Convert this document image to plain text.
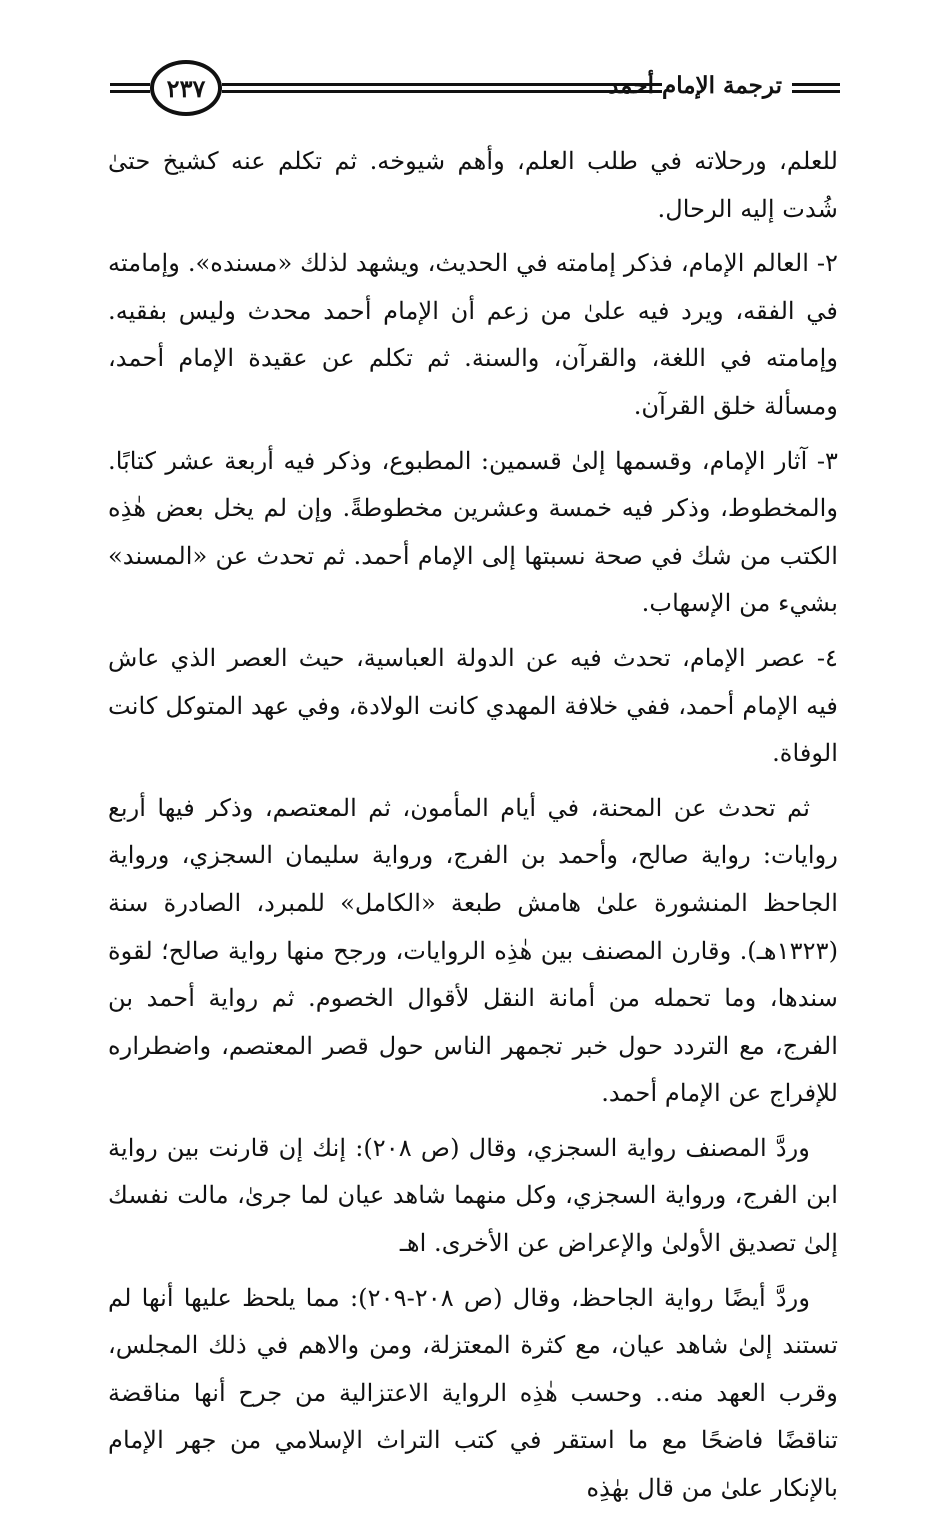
ترجمة الإمام أحمد
٢٣٧

للعلم، ورحلاته في طلب العلم، وأهم شيوخه. ثم تكلم عنه كشيخ حتىٰ شُدت إليه الرحال.

٢- العالم الإمام، فذكر إمامته في الحديث، ويشهد لذلك «مسنده». وإمامته في الفقه، ويرد فيه علىٰ من زعم أن الإمام أحمد محدث وليس بفقيه. وإمامته في اللغة، والقرآن، والسنة. ثم تكلم عن عقيدة الإمام أحمد، ومسألة خلق القرآن.

٣- آثار الإمام، وقسمها إلىٰ قسمين: المطبوع، وذكر فيه أربعة عشر كتابًا. والمخطوط، وذكر فيه خمسة وعشرين مخطوطةً. وإن لم يخل بعض هٰذِه الكتب من شك في صحة نسبتها إلى الإمام أحمد. ثم تحدث عن «المسند» بشيء من الإسهاب.

٤- عصر الإمام، تحدث فيه عن الدولة العباسية، حيث العصر الذي عاش فيه الإمام أحمد، ففي خلافة المهدي كانت الولادة، وفي عهد المتوكل كانت الوفاة.

ثم تحدث عن المحنة، في أيام المأمون، ثم المعتصم، وذكر فيها أربع روايات: رواية صالح، وأحمد بن الفرج، ورواية سليمان السجزي، ورواية الجاحظ المنشورة علىٰ هامش طبعة «الكامل» للمبرد، الصادرة سنة (١٣٢٣هـ). وقارن المصنف بين هٰذِه الروايات، ورجح منها رواية صالح؛ لقوة سندها، وما تحمله من أمانة النقل لأقوال الخصوم. ثم رواية أحمد بن الفرج، مع التردد حول خبر تجمهر الناس حول قصر المعتصم، واضطراره للإفراج عن الإمام أحمد.

وردَّ المصنف رواية السجزي، وقال (ص ٢٠٨): إنك إن قارنت بين رواية ابن الفرج، ورواية السجزي، وكل منهما شاهد عيان لما جرىٰ، مالت نفسك إلىٰ تصديق الأولىٰ والإعراض عن الأخرى. اهـ

وردَّ أيضًا رواية الجاحظ، وقال (ص ٢٠٨-٢٠٩): مما يلحظ عليها أنها لم تستند إلىٰ شاهد عيان، مع كثرة المعتزلة، ومن والاهم في ذلك المجلس، وقرب العهد منه.. وحسب هٰذِه الرواية الاعتزالية من جرح أنها مناقضة تناقضًا فاضحًا مع ما استقر في كتب التراث الإسلامي من جهر الإمام بالإنكار علىٰ من قال بهٰذِه
